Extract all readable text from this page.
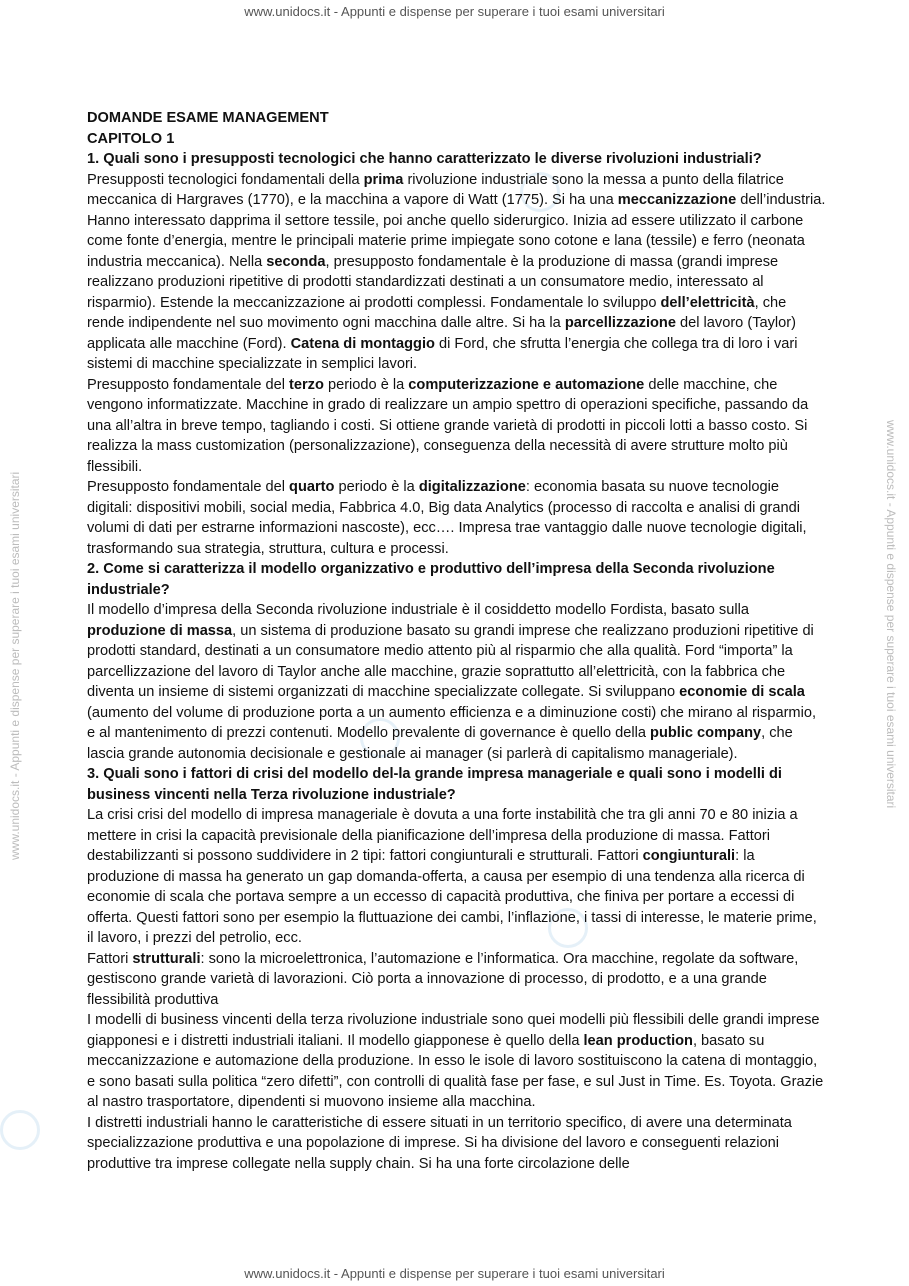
www.unidocs.it - Appunti e dispense per superare i tuoi esami universitari
www.unidocs.it - Appunti e dispense per superare i tuoi esami universitari	www.unidocs.it - Appunti e dispense per superare i tuoi esami universitari

DOMANDE ESAME MANAGEMENT

CAPITOLO 1

1. Quali sono i presupposti tecnologici che hanno caratterizzato le diverse rivoluzioni industriali?

Presupposti tecnologici fondamentali della prima rivoluzione industriale sono la messa a punto della filatrice meccanica di Hargraves (1770), e la macchina a vapore di Watt (1775). Si ha una meccanizzazione dell’industria. Hanno interessato dapprima il settore tessile, poi anche quello siderurgico. Inizia ad essere utilizzato il carbone come fonte d’energia, mentre le principali materie prime impiegate sono cotone e lana (tessile) e ferro (neonata industria meccanica). Nella seconda, presupposto fondamentale è la produzione di massa (grandi imprese realizzano produzioni ripetitive di prodotti standardizzati destinati a un consumatore medio, interessato al risparmio). Estende la meccanizzazione ai prodotti complessi. Fondamentale lo sviluppo dell’elettricità, che rende indipendente nel suo movimento ogni macchina dalle altre. Si ha la parcellizzazione del lavoro (Taylor) applicata alle macchine (Ford). Catena di montaggio di Ford, che sfrutta l’energia che collega tra di loro i vari sistemi di macchine specializzate in semplici lavori.

Presupposto fondamentale del terzo periodo è la computerizzazione e automazione delle macchine, che vengono informatizzate. Macchine in grado di realizzare un ampio spettro di operazioni specifiche, passando da una all’altra in breve tempo, tagliando i costi. Si ottiene grande varietà di prodotti in piccoli lotti a basso costo. Si realizza la mass customization (personalizzazione), conseguenza della necessità di avere strutture molto più flessibili.

Presupposto fondamentale del quarto periodo è la digitalizzazione: economia basata su nuove tecnologie digitali: dispositivi mobili, social media, Fabbrica 4.0, Big data Analytics (processo di raccolta e analisi di grandi volumi di dati per estrarne informazioni nascoste), ecc…. Impresa trae vantaggio dalle nuove tecnologie digitali, trasformando sua strategia, struttura, cultura e processi.

2. Come si caratterizza il modello organizzativo e produttivo dell’impresa della Seconda rivoluzione industriale?

Il modello d’impresa della Seconda rivoluzione industriale è il cosiddetto modello Fordista, basato sulla produzione di massa, un sistema di produzione basato su grandi imprese che realizzano produzioni ripetitive di prodotti standard, destinati a un consumatore medio attento più al risparmio che alla qualità. Ford “importa” la parcellizzazione del lavoro di Taylor anche alle macchine, grazie soprattutto all’elettricità, con la fabbrica che diventa un insieme di sistemi organizzati di macchine specializzate collegate. Si sviluppano economie di scala (aumento del volume di produzione porta a un aumento efficienza e a diminuzione costi) che mirano al risparmio, e al mantenimento di prezzi contenuti. Modello prevalente di governance è quello della public company, che lascia grande autonomia decisionale e gestionale ai manager (si parlerà di capitalismo manageriale).

3. Quali sono i fattori di crisi del modello del-la grande impresa manageriale e quali sono i modelli di business vincenti nella Terza rivoluzione industriale?

La crisi crisi del modello di impresa manageriale è dovuta a una forte instabilità che tra gli anni 70 e 80 inizia a mettere in crisi la capacità previsionale della pianificazione dell’impresa della produzione di massa. Fattori destabilizzanti si possono suddividere in 2 tipi: fattori congiunturali e strutturali. Fattori congiunturali: la produzione di massa ha generato un gap domanda-offerta, a causa per esempio di una tendenza alla ricerca di economie di scala che portava sempre a un eccesso di capacità produttiva, che finiva per portare a eccessi di offerta. Questi fattori sono per esempio la fluttuazione dei cambi, l’inflazione, i tassi di interesse, le materie prime, il lavoro, i prezzi del petrolio, ecc.

Fattori strutturali: sono la microelettronica, l’automazione e l’informatica. Ora macchine, regolate da software, gestiscono grande varietà di lavorazioni. Ciò porta a innovazione di processo, di prodotto, e a una grande flessibilità produttiva

I modelli di business vincenti della terza rivoluzione industriale sono quei modelli più flessibili delle grandi imprese giapponesi e i distretti industriali italiani. Il modello giapponese è quello della lean production, basato su meccanizzazione e automazione della produzione. In esso le isole di lavoro sostituiscono la catena di montaggio, e sono basati sulla politica “zero difetti”, con controlli di qualità fase per fase, e sul Just in Time. Es. Toyota. Grazie al nastro trasportatore, dipendenti si muovono insieme alla macchina.

I distretti industriali hanno le caratteristiche di essere situati in un territorio specifico, di avere una determinata specializzazione produttiva e una popolazione di imprese. Si ha divisione del lavoro e conseguenti relazioni produttive tra imprese collegate nella supply chain. Si ha una forte circolazione delle

www.unidocs.it - Appunti e dispense per superare i tuoi esami universitari
